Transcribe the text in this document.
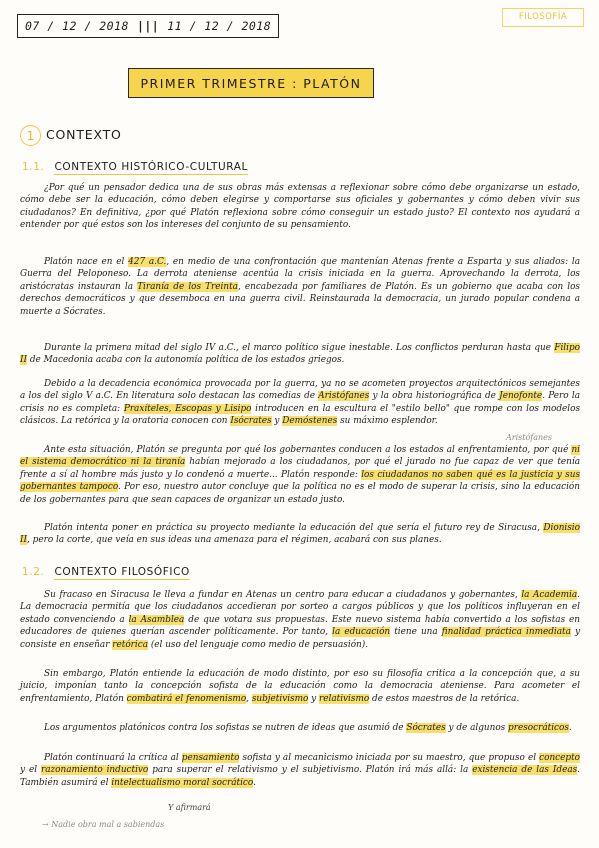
07 / 12 / 2018 ||| 11 / 12 / 2018
FILOSOFÍA
PRIMER TRIMESTRE : PLATÓN
1 CONTEXTO
1.1. CONTEXTO HISTÓRICO-CULTURAL
¿Por qué un pensador dedica una de sus obras más extensas a reflexionar sobre cómo debe organizarse un estado, cómo debe ser la educación, cómo deben elegirse y comportarse sus oficiales y gobernantes y cómo deben vivir sus ciudadanos? En definitiva, ¿por qué Platón reflexiona sobre cómo conseguir un estado justo? El contexto nos ayudará a entender por qué estos son los intereses del conjunto de su pensamiento.
Platón nace en el 427 a.C., en medio de una confrontación que mantenían Atenas frente a Esparta y sus aliados: la Guerra del Peloponeso. La derrota ateniense acentúa la crisis iniciada en la guerra. Aprovechando la derrota, los aristócratas instauran la Tiranía de los Treinta, encabezada por familiares de Platón. Es un gobierno que acaba con los derechos democráticos y que desemboca en una guerra civil. Reinstaurada la democracia, un jurado popular condena a muerte a Sócrates.
Durante la primera mitad del siglo IV a.C., el marco político sigue inestable. Los conflictos perduran hasta que Filipo II de Macedonia acaba con la autonomía política de los estados griegos.
Debido a la decadencia económica provocada por la guerra, ya no se acometen proyectos arquitectónicos semejantes a los del siglo V a.C. En literatura solo destacan las comedias de Aristófanes y la obra historiográfica de Jenofonte. Pero la crisis no es completa: Praxíteles, Escopas y Lisipo introducen en la escultura el "estilo bello" que rompe con los modelos clásicos. La retórica y la oratoria conocen con Isócrates y Demóstenes su máximo esplendor.
Aristófanes
Ante esta situación, Platón se pregunta por qué los gobernantes conducen a los estados al enfrentamiento, por qué ni el sistema democrático ni la tiranía habían mejorado a los ciudadanos, por qué el jurado no fue capaz de ver que tenía frente a sí al hombre más justo y lo condenó a muerte... Platón responde: los ciudadanos no saben qué es la justicia y sus gobernantes tampoco. Por eso, nuestro autor concluye que la política no es el modo de superar la crisis, sino la educación de los gobernantes para que sean capaces de organizar un estado justo.
Platón intenta poner en práctica su proyecto mediante la educación del que sería el futuro rey de Siracusa, Dionisio II, pero la corte, que veía en sus ideas una amenaza para el régimen, acabará con sus planes.
1.2. CONTEXTO FILOSÓFICO
Su fracaso en Siracusa le lleva a fundar en Atenas un centro para educar a ciudadanos y gobernantes, la Academia. La democracia permitía que los ciudadanos accedieran por sorteo a cargos públicos y que los políticos influyeran en el estado convenciendo a la Asamblea de que votara sus propuestas. Este nuevo sistema había convertido a los sofistas en educadores de quienes querían ascender políticamente. Por tanto, la educación tiene una finalidad práctica inmediata y consiste en enseñar retórica (el uso del lenguaje como medio de persuasión).
Sin embargo, Platón entiende la educación de modo distinto, por eso su filosofía critica a la concepción que, a su juicio, imponían tanto la concepción sofista de la educación como la democracia ateniense. Para acometer el enfrentamiento, Platón combatirá el fenomenismo, subjetivismo y relativismo de estos maestros de la retórica.
Los argumentos platónicos contra los sofistas se nutren de ideas que asumió de Sócrates y de algunos presocráticos.
Platón continuará la crítica al pensamiento sofista y al mecanicismo iniciada por su maestro, que propuso el concepto y el razonamiento inductivo para superar el relativismo y el subjetivismo. Platón irá más allá: la existencia de las Ideas. También asumirá el intelectualismo moral socrático.
Y afirmará
→ Nadie obra mal a sabiendas
